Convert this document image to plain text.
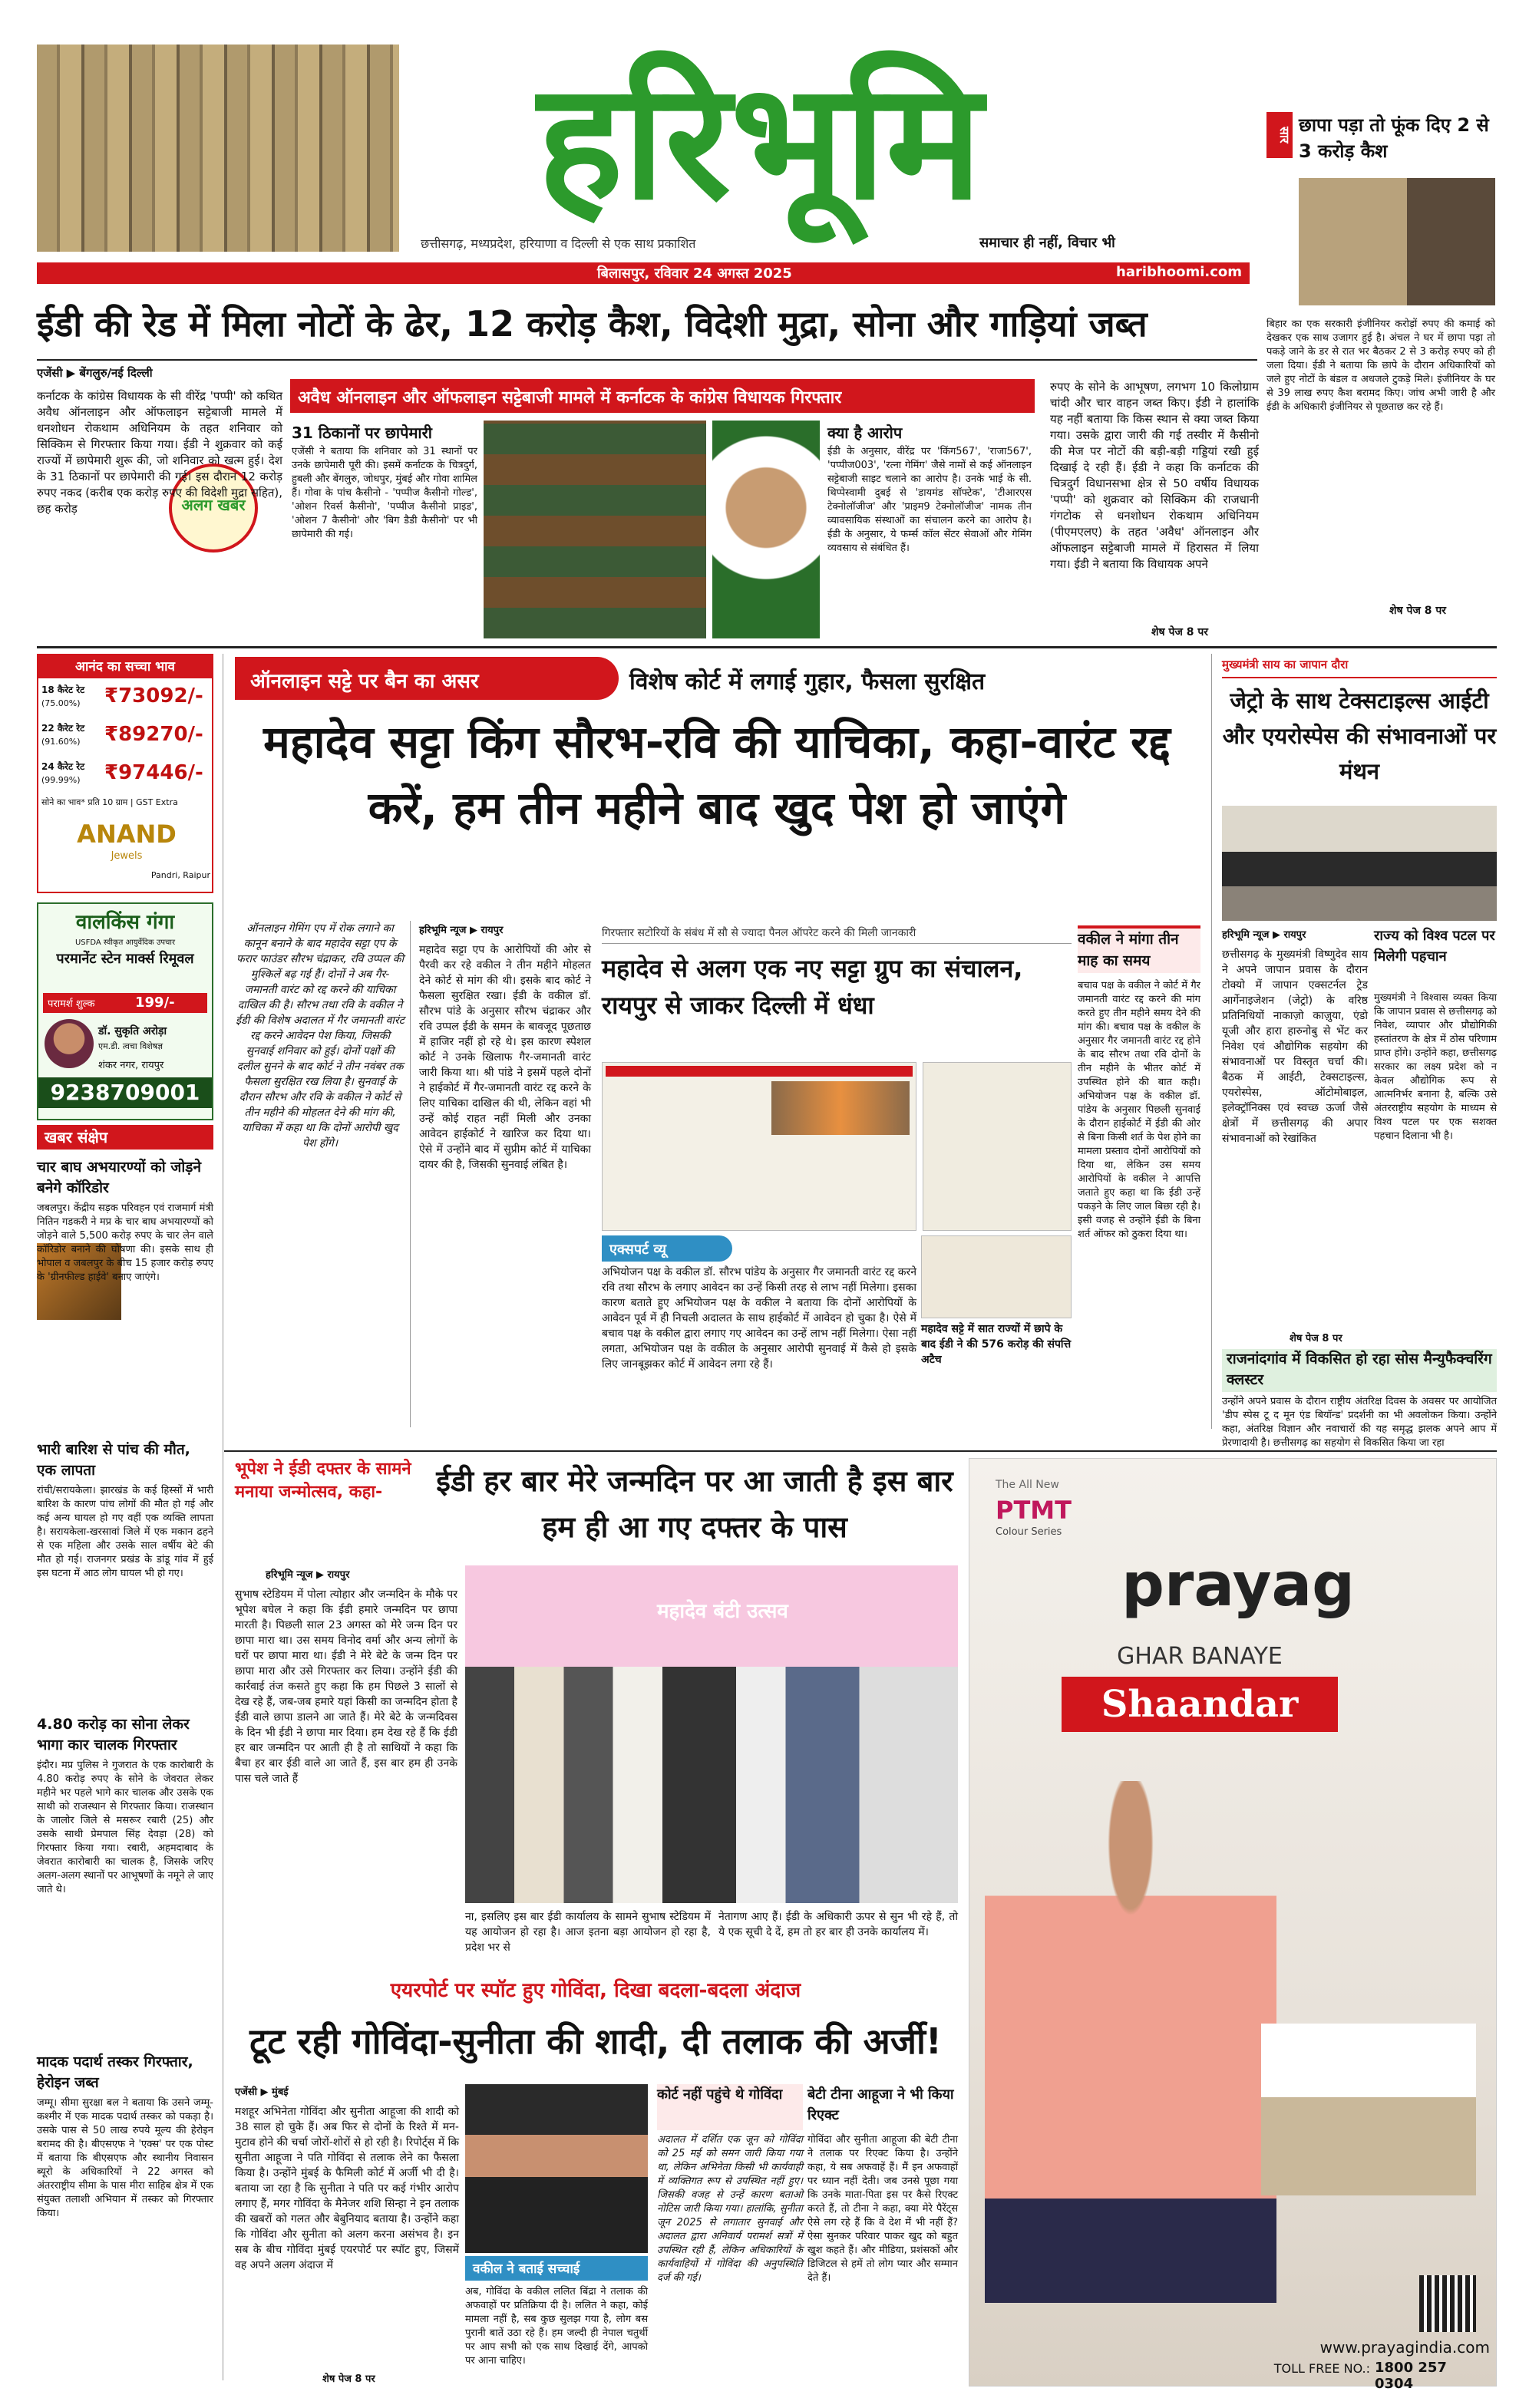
हरिभूमि
छत्तीसगढ़, मध्यप्रदेश, हरियाणा व दिल्ली से एक साथ प्रकाशित	समाचार ही नहीं, विचार भी
बिलासपुर, रविवार 24 अगस्त 2025	haribhoomi.com
सार छापा पड़ा तो फूंक दिए 2 से 3 करोड़ कैश
बिहार का एक सरकारी इंजीनियर करोड़ों रुपए की कमाई को देखकर एक साथ उजागर हुई है। अंचल ने घर में छापा पड़ा तो पकड़े जाने के डर से रात भर बैठकर 2 से 3 करोड़ रुपए को ही जला दिया। ईडी ने बताया कि छापे के दौरान अधिकारियों को जले हुए नोटों के बंडल व अधजले टुकड़े मिले। इंजीनियर के घर से 39 लाख रुपए कैश बरामद किए। जांच अभी जारी है और ईडी के अधिकारी इंजीनियर से पूछताछ कर रहे हैं।
शेष पेज 8 पर
ईडी की रेड में मिला नोटों के ढेर, 12 करोड़ कैश, विदेशी मुद्रा, सोना और गाड़ियां जब्त
एजेंसी ▶ बेंगलुरु/नई दिल्ली
अलग खबर
कर्नाटक के कांग्रेस विधायक के सी वीरेंद्र 'पप्पी' को कथित अवैध ऑनलाइन और ऑफलाइन सट्टेबाजी मामले में धनशोधन रोकथाम अधिनियम के तहत शनिवार को सिक्किम से गिरफ्तार किया गया। ईडी ने शुक्रवार को कई राज्यों में छापेमारी शुरू की, जो शनिवार को खत्म हुई। देश के 31 ठिकानों पर छापेमारी की गई। इस दौरान 12 करोड़ रुपए नकद (करीब एक करोड़ रुपए की विदेशी मुद्रा सहित), छह करोड़
अवैध ऑनलाइन और ऑफलाइन सट्टेबाजी मामले में कर्नाटक के कांग्रेस विधायक गिरफ्तार
31 ठिकानों पर छापेमारी
एजेंसी ने बताया कि शनिवार को 31 स्थानों पर उनके छापेमारी पूरी की। इसमें कर्नाटक के चित्रदुर्ग, हुबली और बेंगलुरु, जोधपुर, मुंबई और गोवा शामिल हैं। गोवा के पांच कैसीनो - 'पप्पीज कैसीनो गोल्ड', 'ओशन रिवर्स कैसीनो', 'पप्पीज कैसीनो प्राइड', 'ओशन 7 कैसीनो' और 'बिग डैडी कैसीनो' पर भी छापेमारी की गई।
क्या है आरोप
ईडी के अनुसार, वीरेंद्र पर 'किंग567', 'राजा567', 'पप्पीज003', 'रत्ना गेमिंग' जैसे नामों से कई ऑनलाइन सट्टेबाजी साइट चलाने का आरोप है। उनके भाई के सी. थिप्पेस्वामी दुबई से 'डायमंड सॉफ्टेक', 'टीआरएस टेक्नोलॉजीज' और 'प्राइम9 टेक्नोलॉजीज' नामक तीन व्यावसायिक संस्थाओं का संचालन करने का आरोप है। ईडी के अनुसार, ये फर्म्स कॉल सेंटर सेवाओं और गेमिंग व्यवसाय से संबंधित हैं।
रुपए के सोने के आभूषण, लगभग 10 किलोग्राम चांदी और चार वाहन जब्त किए। ईडी ने हालांकि यह नहीं बताया कि किस स्थान से क्या जब्त किया गया। उसके द्वारा जारी की गई तस्वीर में कैसीनो की मेज पर नोटों की बड़ी-बड़ी गड्डियां रखी हुई दिखाई दे रही हैं। ईडी ने कहा कि कर्नाटक की चित्रदुर्ग विधानसभा क्षेत्र से 50 वर्षीय विधायक 'पप्पी' को शुक्रवार को सिक्किम की राजधानी गंगटोक से धनशोधन रोकथाम अधिनियम (पीएमएलए) के तहत 'अवैध' ऑनलाइन और ऑफलाइन सट्टेबाजी मामले में हिरासत में लिया गया। ईडी ने बताया कि विधायक अपने
शेष पेज 8 पर
आनंद का सच्चा भाव
18 कैरेट रेट
(75.00%)	₹73092/-
22 कैरेट रेट
(91.60%)	₹89270/-
24 कैरेट रेट
(99.99%)	₹97446/-
सोने का भाव* प्रति 10 ग्राम | GST Extra
ANAND
Jewels
Pandri, Raipur
वालकिंस गंगा
USFDA स्वीकृत आयुर्वेदिक उपचार
परमानेंट स्टेन मार्क्स रिमूवल
परामर्श शुल्क	199/-
डॉ. सुकृति अरोड़ा
एम.डी. त्वचा विशेषज्ञ
शंकर नगर, रायपुर
9238709001
खबर संक्षेप
चार बाघ अभयारण्यों को जोड़ने बनेगे कॉरिडोर
जबलपुर। केंद्रीय सड़क परिवहन एवं राजमार्ग मंत्री नितिन गडकरी ने मप्र के चार बाघ अभयारण्यों को जोड़ने वाले 5,500 करोड़ रुपए के चार लेन वाले कॉरिडोर बनाने की घोषणा की। इसके साथ ही भोपाल व जबलपुर के बीच 15 हजार करोड़ रुपए के 'ग्रीनफील्ड हाईवे' बनाए जाएंगे।
भारी बारिश से पांच की मौत, एक लापता
रांची/सरायकेला। झारखंड के कई हिस्सों में भारी बारिश के कारण पांच लोगों की मौत हो गई और कई अन्य घायल हो गए वहीं एक व्यक्ति लापता है। सरायकेला-खरसावां जिले में एक मकान ढहने से एक महिला और उसके साल वर्षीय बेटे की मौत हो गई। राजनगर प्रखंड के डांडू गांव में हुई इस घटना में आठ लोग घायल भी हो गए।
4.80 करोड़ का सोना लेकर भागा कार चालक गिरफ्तार
इंदौर। मप्र पुलिस ने गुजरात के एक कारोबारी के 4.80 करोड़ रुपए के सोने के जेवरात लेकर महीने भर पहले भागे कार चालक और उसके एक साथी को राजस्थान से गिरफ्तार किया। राजस्थान के जालोर जिले से मसरूर रबारी (25) और उसके साथी प्रेमपाल सिंह देवड़ा (28) को गिरफ्तार किया गया। रबारी, अहमदाबाद के जेवरात कारोबारी का चालक है, जिसके जरिए अलग-अलग स्थानों पर आभूषणों के नमूने ले जाए जाते थे।
मादक पदार्थ तस्कर गिरफ्तार, हेरोइन जब्त
जम्मू। सीमा सुरक्षा बल ने बताया कि उसने जम्मू-कश्मीर में एक मादक पदार्थ तस्कर को पकड़ा है। उसके पास से 50 लाख रुपये मूल्य की हेरोइन बरामद की है। बीएसएफ ने 'एक्स' पर एक पोस्ट में बताया कि बीएसएफ और स्थानीय निवासन ब्यूरो के अधिकारियों ने 22 अगस्त को अंतरराष्ट्रीय सीमा के पास मीरा साहिब क्षेत्र में एक संयुक्त तलाशी अभियान में तस्कर को गिरफ्तार किया।
ऑनलाइन सट्टे पर बैन का असर	विशेष कोर्ट में लगाई गुहार, फैसला सुरक्षित
महादेव सट्टा किंग सौरभ-रवि की याचिका, कहा-वारंट रद्द करें, हम तीन महीने बाद खुद पेश हो जाएंगे
ऑनलाइन गेमिंग एप में रोक लगाने का कानून बनाने के बाद महादेव सट्टा एप के फरार फाउंडर सौरभ चंद्राकर, रवि उप्पल की मुश्किलें बढ़ गई हैं। दोनों ने अब गैर-जमानती वारंट को रद्द करने की याचिका दाखिल की है। सौरभ तथा रवि के वकील ने ईडी की विशेष अदालत में गैर जमानती वारंट रद्द करने आवेदन पेश किया, जिसकी सुनवाई शनिवार को हुई। दोनों पक्षों की दलील सुनने के बाद कोर्ट ने तीन नवंबर तक फैसला सुरक्षित रख लिया है। सुनवाई के दौरान सौरभ और रवि के वकील ने कोर्ट से तीन महीने की मोहलत देने की मांग की, याचिका में कहा था कि दोनों आरोपी खुद पेश होंगे।
हरिभूमि न्यूज ▶ रायपुर
महादेव सट्टा एप के आरोपियों की ओर से पैरवी कर रहे वकील ने तीन महीने मोहलत देने कोर्ट से मांग की थी। इसके बाद कोर्ट ने फैसला सुरक्षित रखा। ईडी के वकील डॉ. सौरभ पांडे के अनुसार सौरभ चंद्राकर और रवि उप्पल ईडी के समन के बावजूद पूछताछ में हाजिर नहीं हो रहे थे। इस कारण स्पेशल कोर्ट ने उनके खिलाफ गैर-जमानती वारंट जारी किया था। श्री पांडे ने इसमें पहले दोनों ने हाईकोर्ट में गैर-जमानती वारंट रद्द करने के लिए याचिका दाखिल की थी, लेकिन वहां भी उन्हें कोई राहत नहीं मिली और उनका आवेदन हाईकोर्ट ने खारिज कर दिया था। ऐसे में उन्होंने बाद में सुप्रीम कोर्ट में याचिका दायर की है, जिसकी सुनवाई लंबित है।
गिरफ्तार सटोरियों के संबंध में सौ से ज्यादा पैनल ऑपरेट करने की मिली जानकारी
महादेव से अलग एक नए सट्टा ग्रुप का संचालन, रायपुर से जाकर दिल्ली में धंधा
एक्सपर्ट व्यू
अभियोजन पक्ष के वकील डॉ. सौरभ पांडेय के अनुसार गैर जमानती वारंट रद्द करने रवि तथा सौरभ के लगाए आवेदन का उन्हें किसी तरह से लाभ नहीं मिलेगा। इसका कारण बताते हुए अभियोजन पक्ष के वकील ने बताया कि दोनों आरोपियों के आवेदन पूर्व में ही निचली अदालत के साथ हाईकोर्ट में आवेदन हो चुका है। ऐसे में बचाव पक्ष के वकील द्वारा लगाए गए आवेदन का उन्हें लाभ नहीं मिलेगा। ऐसा नहीं लगता, अभियोजन पक्ष के वकील के अनुसार आरोपी सुनवाई में कैसे हो इसके लिए जानबूझकर कोर्ट में आवेदन लगा रहे हैं।
महादेव सट्टे में सात राज्यों में छापे के बाद ईडी ने की 576 करोड़ की संपत्ति अटैच
वकील ने मांगा तीन माह का समय
बचाव पक्ष के वकील ने कोर्ट में गैर जमानती वारंट रद्द करने की मांग करते हुए तीन महीने समय देने की मांग की। बचाव पक्ष के वकील के अनुसार गैर जमानती वारंट रद्द होने के बाद सौरभ तथा रवि दोनों के तीन महीने के भीतर कोर्ट में उपस्थित होने की बात कही। अभियोजन पक्ष के वकील डॉ. पांडेय के अनुसार पिछली सुनवाई के दौरान हाईकोर्ट में ईडी की ओर से बिना किसी शर्त के पेश होने का मामला प्रस्ताव दोनों आरोपियों को दिया था, लेकिन उस समय आरोपियों के वकील ने आपत्ति जताते हुए कहा था कि ईडी उन्हें पकड़ने के लिए जाल बिछा रही है। इसी वजह से उन्होंने ईडी के बिना शर्त ऑफर को ठुकरा दिया था।
मुख्यमंत्री साय का जापान दौरा
जेट्रो के साथ टेक्सटाइल्स आईटी और एयरोस्पेस की संभावनाओं पर मंथन
हरिभूमि न्यूज ▶ रायपुर
छत्तीसगढ़ के मुख्यमंत्री विष्णुदेव साय ने अपने जापान प्रवास के दौरान टोक्यो में जापान एक्सटर्नल ट्रेड आर्गेनाइजेशन (जेट्रो) के वरिष्ठ प्रतिनिधियों नाकाज़ो काज़ुया, एंडो यूजी और हारा हारुनोबु से भेंट कर निवेश एवं औद्योगिक सहयोग की संभावनाओं पर विस्तृत चर्चा की। बैठक में आईटी, टेक्सटाइल्स, एयरोस्पेस, ऑटोमोबाइल, इलेक्ट्रॉनिक्स एवं स्वच्छ ऊर्जा जैसे क्षेत्रों में छत्तीसगढ़ की अपार संभावनाओं को रेखांकित
शेष पेज 8 पर
राज्य को विश्व पटल पर मिलेगी पहचान
मुख्यमंत्री ने विश्वास व्यक्त किया कि जापान प्रवास से छत्तीसगढ़ को निवेश, व्यापार और प्रौद्योगिकी हस्तांतरण के क्षेत्र में ठोस परिणाम प्राप्त होंगे। उन्होंने कहा, छत्तीसगढ़ सरकार का लक्ष्य प्रदेश को न केवल औद्योगिक रूप से आत्मनिर्भर बनाना है, बल्कि उसे अंतरराष्ट्रीय सहयोग के माध्यम से विश्व पटल पर एक सशक्त पहचान दिलाना भी है।
राजनांदगांव में विकसित हो रहा सोस मैन्युफैक्चरिंग क्लस्टर
उन्होंने अपने प्रवास के दौरान राष्ट्रीय अंतरिक्ष दिवस के अवसर पर आयोजित 'डीप स्पेस टू द मून एंड बियॉन्ड' प्रदर्शनी का भी अवलोकन किया। उन्होंने कहा, अंतरिक्ष विज्ञान और नवाचारों की यह समृद्ध झलक अपने आप में प्रेरणादायी है। छत्तीसगढ़ का सहयोग से विकसित किया जा रहा
भूपेश ने ईडी दफ्तर के सामने मनाया जन्मोत्सव, कहा-	ईडी हर बार मेरे जन्मदिन पर आ जाती है इस बार हम ही आ गए दफ्तर के पास
हरिभूमि न्यूज ▶ रायपुर
सुभाष स्टेडियम में पोला त्योहार और जन्मदिन के मौके पर भूपेश बघेल ने कहा कि ईडी हमारे जन्मदिन पर छापा मारती है। पिछली साल 23 अगस्त को मेरे जन्म दिन पर छापा मारा था। उस समय विनोद वर्मा और अन्य लोगों के घरों पर छापा मारा था। ईडी ने मेरे बेटे के जन्म दिन पर छापा मारा और उसे गिरफ्तार कर लिया। उन्होंने ईडी की कार्रवाई तंज कसते हुए कहा कि हम पिछले 3 सालों से देख रहे हैं, जब-जब हमारे यहां किसी का जन्मदिन होता है ईडी वाले छापा डालने आ जाते हैं। मेरे बेटे के जन्मदिवस के दिन भी ईडी ने छापा मार दिया। हम देख रहे हैं कि ईडी हर बार जन्मदिन पर आती ही है तो साथियों ने कहा कि बैचा हर बार ईडी वाले आ जाते हैं, इस बार हम ही उनके पास चले जाते हैं
महादेव बंटी उत्सव
ना, इसलिए इस बार ईडी कार्यालय के सामने सुभाष स्टेडियम में यह आयोजन हो रहा है। आज इतना बड़ा आयोजन हो रहा है, प्रदेश भर से
नेतागण आए हैं। ईडी के अधिकारी ऊपर से सुन भी रहे हैं, तो ये एक सूची दे दें, हम तो हर बार ही उनके कार्यालय में।
एयरपोर्ट पर स्पॉट हुए गोविंदा, दिखा बदला-बदला अंदाज
टूट रही गोविंदा-सुनीता की शादी, दी तलाक की अर्जी!
एजेंसी ▶ मुंबई
मशहूर अभिनेता गोविंदा और सुनीता आहूजा की शादी को 38 साल हो चुके हैं। अब फिर से दोनों के रिश्ते में मन-मुटाव होने की चर्चा जोरों-शोरों से हो रही है। रिपोर्ट्स में कि सुनीता आहूजा ने पति गोविंदा से तलाक लेने का फैसला किया है। उन्होंने मुंबई के फैमिली कोर्ट में अर्जी भी दी है। बताया जा रहा है कि सुनीता ने पति पर कई गंभीर आरोप लगाए हैं, मगर गोविंदा के मैनेजर शशि सिन्हा ने इन तलाक की खबरों को गलत और बेबुनियाद बताया है। उन्होंने कहा कि गोविंदा और सुनीता को अलग करना असंभव है। इन सब के बीच गोविंदा मुंबई एयरपोर्ट पर स्पॉट हुए, जिसमें वह अपने अलग अंदाज में	वकील ने बताई सच्चाई
अब, गोविंदा के वकील ललित बिंद्रा ने तलाक की अफवाहों पर प्रतिक्रिया दी है। ललित ने कहा, कोई मामला नहीं है, सब कुछ सुलझ गया है, लोग बस पुरानी बातें उठा रहे हैं। हम जल्दी ही नेपाल चतुर्थी पर आप सभी को एक साथ दिखाई देंगे, आपको पर आना चाहिए।
कोर्ट नहीं पहुंचे थे गोविंदा
अदालत में दर्शित एक जून को गोविंदा को 25 मई को समन जारी किया गया था, लेकिन अभिनेता किसी भी कार्यवाही में व्यक्तिगत रूप से उपस्थित नहीं हुए। जिसकी वजह से उन्हें कारण बताओ नोटिस जारी किया गया। हालांकि, सुनीता जून 2025 से लगातार सुनवाई और अदालत द्वारा अनिवार्य परामर्श सत्रों में उपस्थित रही हैं, लेकिन अधिकारियों के कार्यवाहियों में गोविंदा की अनुपस्थिति दर्ज की गई।
बेटी टीना आहूजा ने भी किया रिएक्ट
गोविंदा और सुनीता आहूजा की बेटी टीना ने तलाक पर रिएक्ट किया है। उन्होंने कहा, ये सब अफवाहें हैं। मैं इन अफवाहों पर ध्यान नहीं देती। जब उनसे पूछा गया कि उनके माता-पिता इस पर कैसे रिएक्ट करते हैं, तो टीना ने कहा, क्या मेरे पैरेंट्स ऐसे लग रहे हैं कि वे देश में भी नहीं हैं? ऐसा सुनकर परिवार पाकर खुद को बहुत खुश कहते हैं। और मीडिया, प्रशंसकों और डिजिटल से हमें तो लोग प्यार और सम्मान देते हैं।
शेष पेज 8 पर
The All New
PTMT
Colour Series
prayag
GHAR BANAYE
Shaandar
www.prayagindia.com
TOLL FREE NO.: 1800 257 0304
